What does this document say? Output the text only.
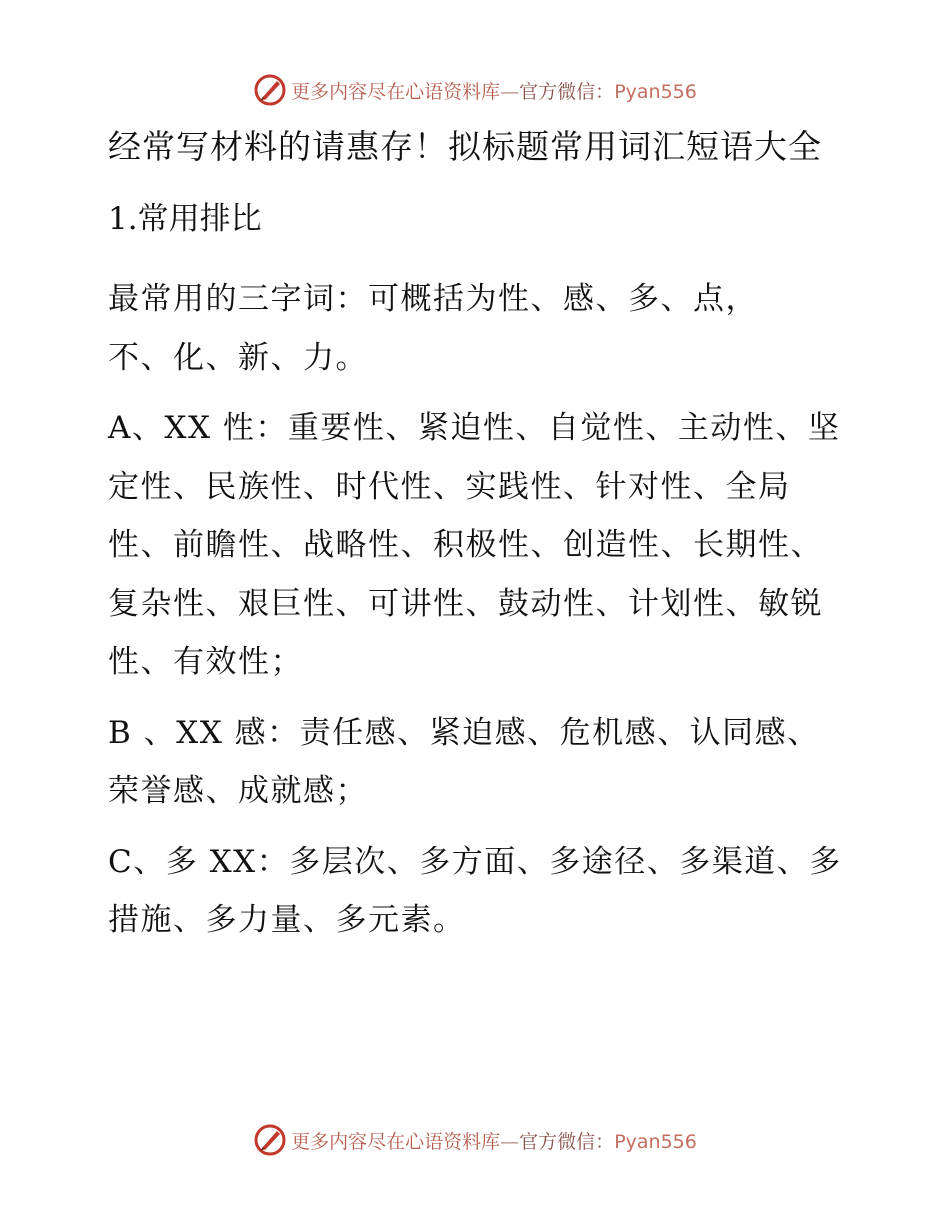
更多内容尽在心语资料库—官方微信：Pyan556
经常写材料的请惠存！拟标题常用词汇短语大全
1.常用排比
最常用的三字词：可概括为性、感、多、点，
不、化、新、力。
A、XX 性：重要性、紧迫性、自觉性、主动性、坚
定性、民族性、时代性、实践性、针对性、全局
性、前瞻性、战略性、积极性、创造性、长期性、
复杂性、艰巨性、可讲性、鼓动性、计划性、敏锐
性、有效性；
B 、XX 感：责任感、紧迫感、危机感、认同感、
荣誉感、成就感；
C、多 XX：多层次、多方面、多途径、多渠道、多
措施、多力量、多元素。
更多内容尽在心语资料库—官方微信：Pyan556
